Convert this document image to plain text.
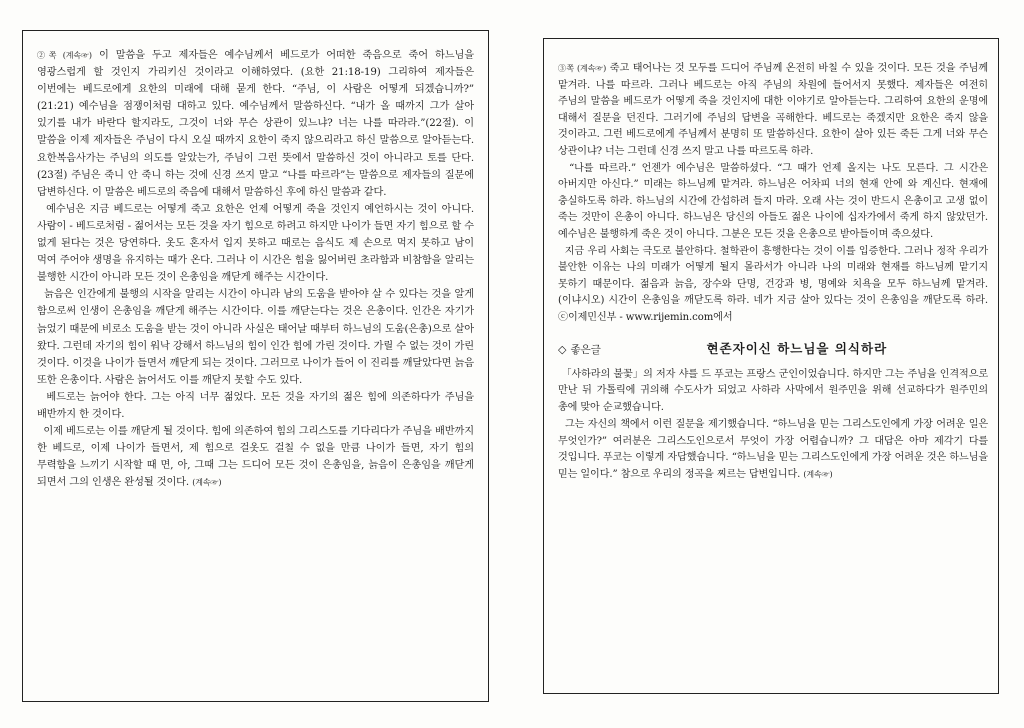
②쪽 (계속☞) 이 말씀을 두고 제자들은 예수님께서 베드로가 어떠한 죽음으로 죽어 하느님을 영광스럽게 할 것인지 가리키신 것이라고 이해하였다. (요한 21:18-19) 그리하여 제자들은 이번에는 베드로에게 요한의 미래에 대해 묻게 한다. “주님, 이 사람은 어떻게 되겠습니까?” (21:21) 예수님을 점쟁이처럼 대하고 있다. 예수님께서 말씀하신다. “내가 올 때까지 그가 살아 있기를 내가 바란다 할지라도, 그것이 너와 무슨 상관이 있느냐? 너는 나를 따라라.”(22절). 이 말씀을 이제 제자들은 주님이 다시 오실 때까지 요한이 죽지 않으리라고 하신 말씀으로 알아듣는다. 요한복음사가는 주님의 의도를 알았는가, 주님이 그런 뜻에서 말씀하신 것이 아니라고 토를 단다.(23절) 주님은 죽니 안 죽니 하는 것에 신경 쓰지 말고 “나를 따르라”는 말씀으로 제자들의 질문에 답변하신다. 이 말씀은 베드로의 죽음에 대해서 말씀하신 후에 하신 말씀과 같다.

예수님은 지금 베드로는 어떻게 죽고 요한은 언제 어떻게 죽을 것인지 예언하시는 것이 아니다. 사람이 - 베드로처럼 - 젊어서는 모든 것을 자기 힘으로 하려고 하지만 나이가 들면 자기 힘으로 할 수 없게 된다는 것은 당연하다. 옷도 혼자서 입지 못하고 때로는 음식도 제 손으로 먹지 못하고 남이 먹여 주어야 생명을 유지하는 때가 온다. 그러나 이 시간은 힘을 잃어버린 초라함과 비참함을 알리는 불행한 시간이 아니라 모든 것이 은총임을 깨닫게 해주는 시간이다.

늙음은 인간에게 불행의 시작을 알리는 시간이 아니라 남의 도움을 받아야 살 수 있다는 것을 알게 함으로써 인생이 은총임을 깨닫게 해주는 시간이다. 이를 깨닫는다는 것은 은총이다. 인간은 자기가 늙었기 때문에 비로소 도움을 받는 것이 아니라 사실은 태어날 때부터 하느님의 도움(은총)으로 살아 왔다. 그런데 자기의 힘이 워낙 강해서 하느님의 힘이 인간 힘에 가린 것이다. 가릴 수 없는 것이 가린 것이다. 이것을 나이가 들면서 깨닫게 되는 것이다. 그러므로 나이가 들어 이 진리를 깨달았다면 늙음 또한 은총이다. 사람은 늙어서도 이를 깨닫지 못할 수도 있다.

베드로는 늙어야 한다. 그는 아직 너무 젊었다. 모든 것을 자기의 젊은 힘에 의존하다가 주님을 배반까지 한 것이다.

이제 베드로는 이를 깨닫게 될 것이다. 힘에 의존하여 힘의 그리스도를 기다리다가 주님을 배반까지 한 베드로, 이제 나이가 들면서, 제 힘으로 걸옷도 걸칠 수 없을 만큼 나이가 들면, 자기 힘의 무력함을 느끼기 시작할 때 면, 아, 그때 그는 드디어 모든 것이 은총임을, 늙음이 은총임을 깨닫게 되면서 그의 인생은 완성될 것이다. (계속☞)

③쪽 (계속☞) 죽고 태어나는 것 모두를 드디어 주님께 온전히 바칠 수 있을 것이다. 모든 것을 주님께 맡겨라. 나를 따르라. 그러나 베드로는 아직 주님의 차원에 들어서지 못했다. 제자들은 여전히 주님의 말씀을 베드로가 어떻게 죽을 것인지에 대한 이야기로 알아듣는다. 그리하여 요한의 운명에 대해서 질문을 던진다. 그러기에 주님의 답변을 곡해한다. 베드로는 죽겠지만 요한은 죽지 않을 것이라고. 그런 베드로에게 주님께서 분명히 또 말씀하신다. 요한이 살아 있든 죽든 그게 너와 무슨 상관이냐? 너는 그런데 신경 쓰지 말고 나를 따르도록 하라.

“나를 따르라.” 언젠가 예수님은 말씀하셨다. “그 때가 언제 올지는 나도 모른다. 그 시간은 아버지만 아신다.” 미래는 하느님께 맡겨라. 하느님은 어차피 너의 현재 안에 와 계신다. 현재에 충실하도록 하라. 하느님의 시간에 간섭하려 들지 마라. 오래 사는 것이 반드시 은총이고 고생 없이 죽는 것만이 은총이 아니다. 하느님은 당신의 아들도 젊은 나이에 십자가에서 죽게 하지 않았던가. 예수님은 불행하게 죽은 것이 아니다. 그분은 모든 것을 은총으로 받아들이며 죽으셨다.

지금 우리 사회는 극도로 불안하다. 철학관이 흥행한다는 것이 이를 입증한다. 그러나 정작 우리가 불안한 이유는 나의 미래가 어떻게 될지 몰라서가 아니라 나의 미래와 현재를 하느님께 맡기지 못하기 때문이다. 젊음과 늙음, 장수와 단명, 건강과 병, 명예와 치욕을 모두 하느님께 맡겨라.(이냐시오) 시간이 은총임을 깨닫도록 하라. 네가 지금 살아 있다는 것이 은총임을 깨닫도록 하라.  ⓒ이제민신부 - www.rijemin.com에서

◇ 좋은글	현존자이신 하느님을 의식하라

「사하라의 불꽃」의 저자 샤를 드 푸코는 프랑스 군인이었습니다. 하지만 그는 주님을 인격적으로 만난 뒤 가톨릭에 귀의해 수도사가 되었고 사하라 사막에서 원주민을 위해 선교하다가 원주민의 총에 맞아 순교했습니다.

그는 자신의 책에서 이런 질문을 제기했습니다. “하느님을 믿는 그리스도인에게 가장 어려운 일은 무엇인가?” 여러분은 그리스도인으로서 무엇이 가장 어렵습니까? 그 대답은 아마 제각기 다를 것입니다. 푸코는 이렇게 자답했습니다. “하느님을 믿는 그리스도인에게 가장 어려운 것은 하느님을 믿는 일이다.” 참으로 우리의 정곡을 찌르는 답변입니다. (계속☞)
